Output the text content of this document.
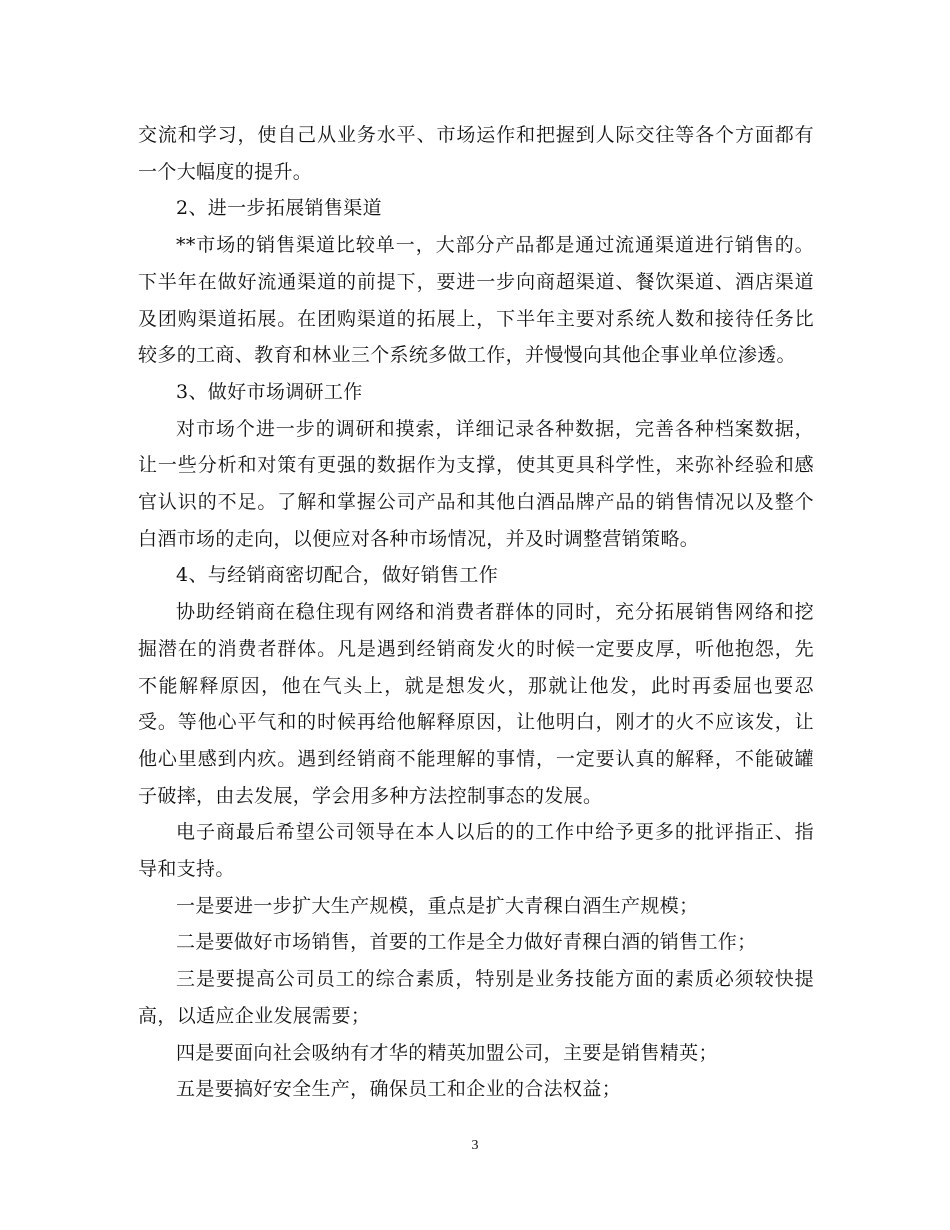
交流和学习，使自己从业务水平、市场运作和把握到人际交往等各个方面都有一个大幅度的提升。

2、进一步拓展销售渠道

**市场的销售渠道比较单一，大部分产品都是通过流通渠道进行销售的。下半年在做好流通渠道的前提下，要进一步向商超渠道、餐饮渠道、酒店渠道及团购渠道拓展。在团购渠道的拓展上，下半年主要对系统人数和接待任务比较多的工商、教育和林业三个系统多做工作，并慢慢向其他企事业单位渗透。

3、做好市场调研工作

对市场个进一步的调研和摸索，详细记录各种数据，完善各种档案数据，让一些分析和对策有更强的数据作为支撑，使其更具科学性，来弥补经验和感官认识的不足。了解和掌握公司产品和其他白酒品牌产品的销售情况以及整个白酒市场的走向，以便应对各种市场情况，并及时调整营销策略。

4、与经销商密切配合，做好销售工作

协助经销商在稳住现有网络和消费者群体的同时，充分拓展销售网络和挖掘潜在的消费者群体。凡是遇到经销商发火的时候一定要皮厚，听他抱怨，先不能解释原因，他在气头上，就是想发火，那就让他发，此时再委屈也要忍受。等他心平气和的时候再给他解释原因，让他明白，刚才的火不应该发，让他心里感到内疚。遇到经销商不能理解的事情，一定要认真的解释，不能破罐子破摔，由去发展，学会用多种方法控制事态的发展。

电子商最后希望公司领导在本人以后的的工作中给予更多的批评指正、指导和支持。

一是要进一步扩大生产规模，重点是扩大青稞白酒生产规模；

二是要做好市场销售，首要的工作是全力做好青稞白酒的销售工作；

三是要提高公司员工的综合素质，特别是业务技能方面的素质必须较快提高，以适应企业发展需要；

四是要面向社会吸纳有才华的精英加盟公司，主要是销售精英；

五是要搞好安全生产，确保员工和企业的合法权益；

3
